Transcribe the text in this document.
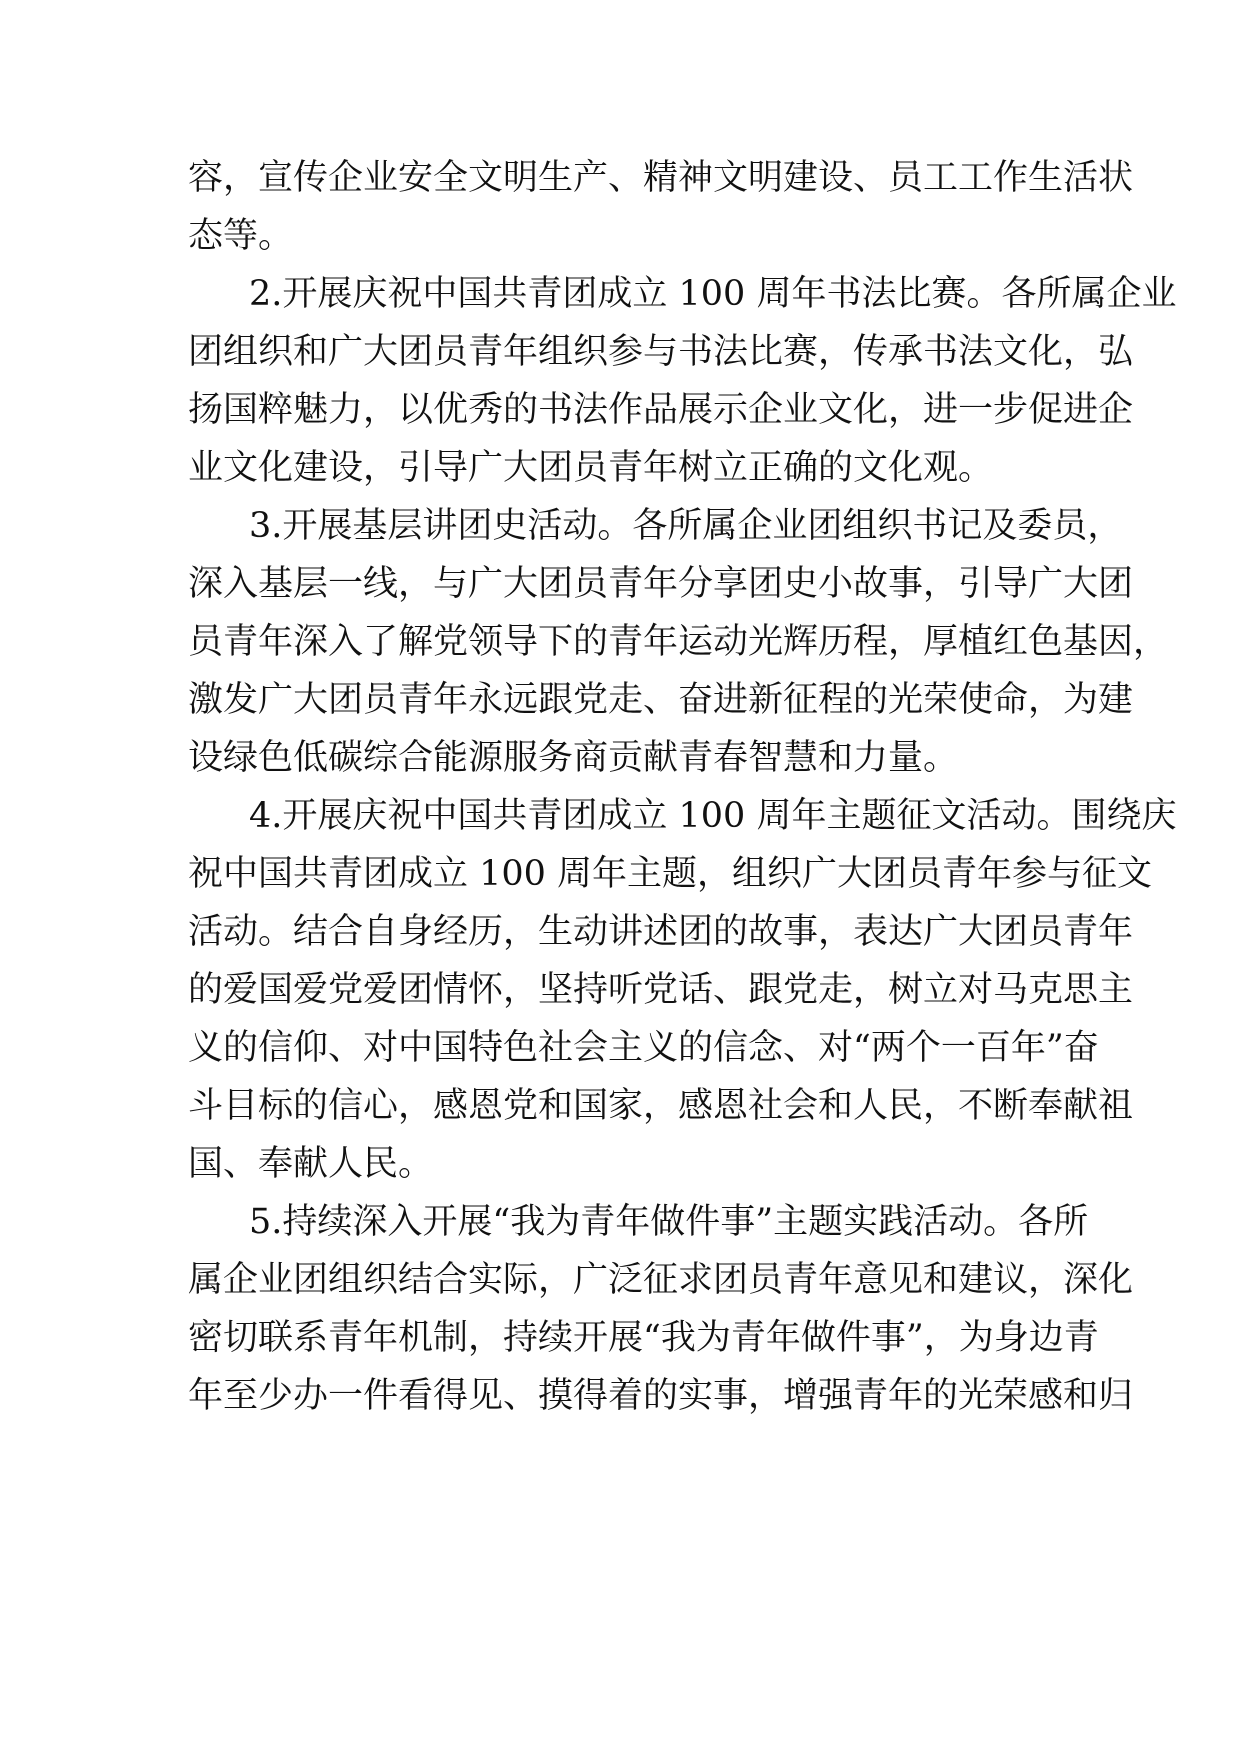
容，宣传企业安全文明生产、精神文明建设、员工工作生活状
态等。
2.开展庆祝中国共青团成立 100 周年书法比赛。各所属企业
团组织和广大团员青年组织参与书法比赛，传承书法文化，弘
扬国粹魅力，以优秀的书法作品展示企业文化，进一步促进企
业文化建设，引导广大团员青年树立正确的文化观。
3.开展基层讲团史活动。各所属企业团组织书记及委员，
深入基层一线，与广大团员青年分享团史小故事，引导广大团
员青年深入了解党领导下的青年运动光辉历程，厚植红色基因，
激发广大团员青年永远跟党走、奋进新征程的光荣使命，为建
设绿色低碳综合能源服务商贡献青春智慧和力量。
4.开展庆祝中国共青团成立 100 周年主题征文活动。围绕庆
祝中国共青团成立 100 周年主题，组织广大团员青年参与征文
活动。结合自身经历，生动讲述团的故事，表达广大团员青年
的爱国爱党爱团情怀，坚持听党话、跟党走，树立对马克思主
义的信仰、对中国特色社会主义的信念、对“两个一百年”奋
斗目标的信心，感恩党和国家，感恩社会和人民，不断奉献祖
国、奉献人民。
5.持续深入开展“我为青年做件事”主题实践活动。各所
属企业团组织结合实际，广泛征求团员青年意见和建议，深化
密切联系青年机制，持续开展“我为青年做件事”，为身边青
年至少办一件看得见、摸得着的实事，增强青年的光荣感和归
